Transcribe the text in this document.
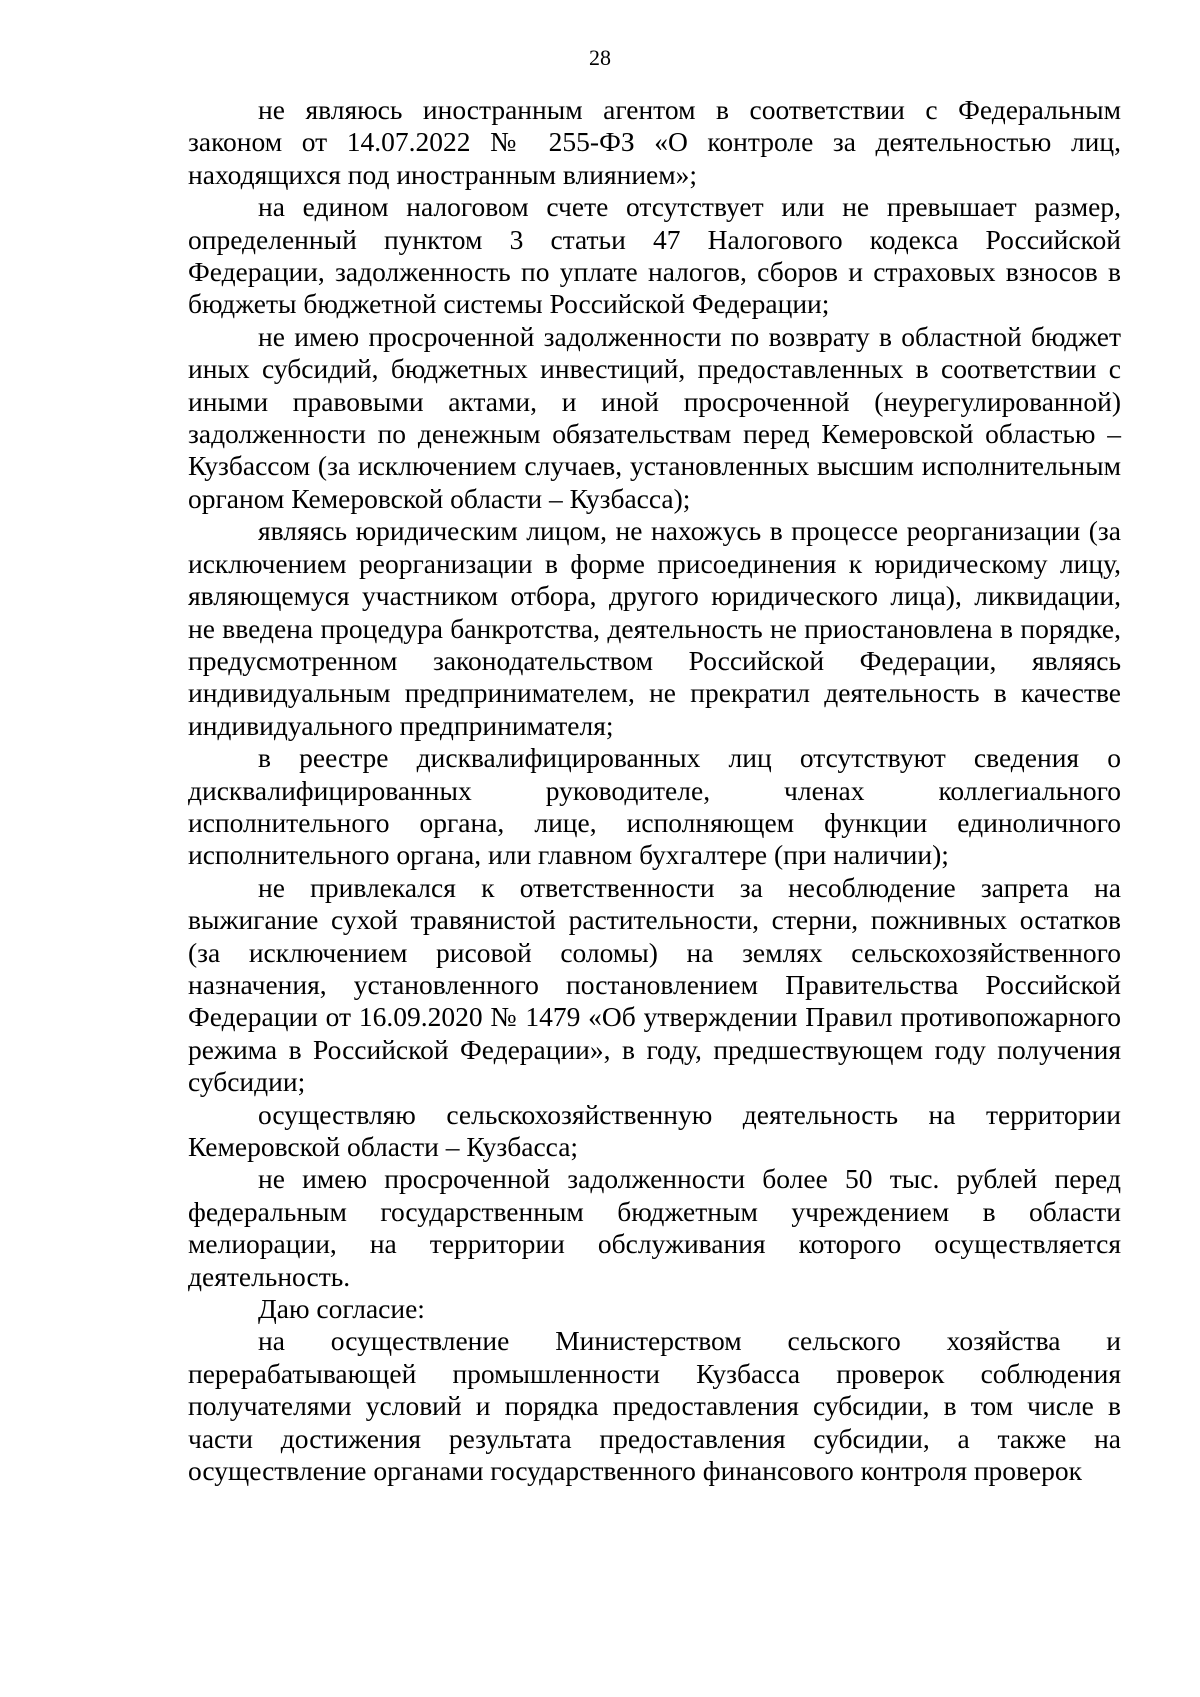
28

не являюсь иностранным агентом в соответствии с Федеральным законом от 14.07.2022 № 255-ФЗ «О контроле за деятельностью лиц, находящихся под иностранным влиянием»;

на едином налоговом счете отсутствует или не превышает размер, определенный пунктом 3 статьи 47 Налогового кодекса Российской Федерации, задолженность по уплате налогов, сборов и страховых взносов в бюджеты бюджетной системы Российской Федерации;

не имею просроченной задолженности по возврату в областной бюджет иных субсидий, бюджетных инвестиций, предоставленных в соответствии с иными правовыми актами, и иной просроченной (неурегулированной) задолженности по денежным обязательствам перед Кемеровской областью – Кузбассом (за исключением случаев, установленных высшим исполнительным органом Кемеровской области – Кузбасса);

являясь юридическим лицом, не нахожусь в процессе реорганизации (за исключением реорганизации в форме присоединения к юридическому лицу, являющемуся участником отбора, другого юридического лица), ликвидации, не введена процедура банкротства, деятельность не приостановлена в порядке, предусмотренном законодательством Российской Федерации, являясь индивидуальным предпринимателем, не прекратил деятельность в качестве индивидуального предпринимателя;

в реестре дисквалифицированных лиц отсутствуют сведения о дисквалифицированных руководителе, членах коллегиального исполнительного органа, лице, исполняющем функции единоличного исполнительного органа, или главном бухгалтере (при наличии);

не привлекался к ответственности за несоблюдение запрета на выжигание сухой травянистой растительности, стерни, пожнивных остатков (за исключением рисовой соломы) на землях сельскохозяйственного назначения, установленного постановлением Правительства Российской Федерации от 16.09.2020 № 1479 «Об утверждении Правил противопожарного режима в Российской Федерации», в году, предшествующем году получения субсидии;

осуществляю сельскохозяйственную деятельность на территории Кемеровской области – Кузбасса;

не имею просроченной задолженности более 50 тыс. рублей перед федеральным государственным бюджетным учреждением в области мелиорации, на территории обслуживания которого осуществляется деятельность.

Даю согласие:

на осуществление Министерством сельского хозяйства и перерабатывающей промышленности Кузбасса проверок соблюдения получателями условий и порядка предоставления субсидии, в том числе в части достижения результата предоставления субсидии, а также на осуществление органами государственного финансового контроля проверок
